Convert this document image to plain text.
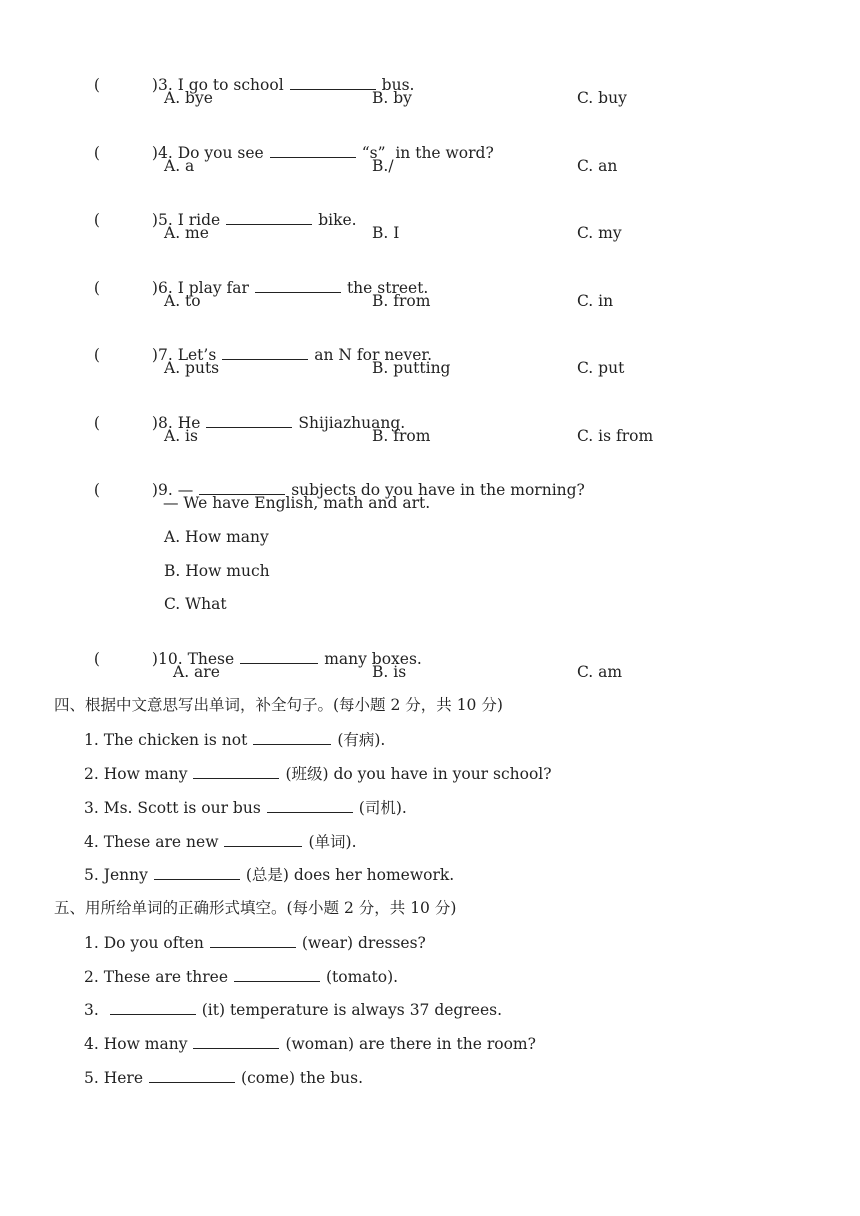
(	)3. I go to school	bus.

A. bye	B. by	C. buy

(	)4. Do you see	“s”  in the word?

A. a	B./	C. an

(	)5. I ride	bike.

A. me	B. I	C. my

(	)6. I play far	the street.

A. to	B. from	C. in

(	)7. Let’s	an N for never.

A. puts	B. putting	C. put

(	)8. He	Shijiazhuang.

A. is	B. from	C. is from

(	)9. —	subjects do you have in the morning?

— We have English, math and art.
A. How many
B. How much
C. What

(	)10. These	many boxes.

A. are	B. is	C. am
四、根据中文意思写出单词，补全句子。(每小题 2 分，共 10 分)
1. The chicken is not	(有病).
2. How many	(班级) do you have in your school?
3. Ms. Scott is our bus	(司机).
4. These are new	(单词).
5. Jenny	(总是) does her homework.
五、用所给单词的正确形式填空。(每小题 2 分，共 10 分)
1. Do you often	(wear) dresses?
2. These are three	(tomato).
3.	(it) temperature is always 37 degrees.
4. How many	(woman) are there in the room?
5. Here	(come) the bus.
